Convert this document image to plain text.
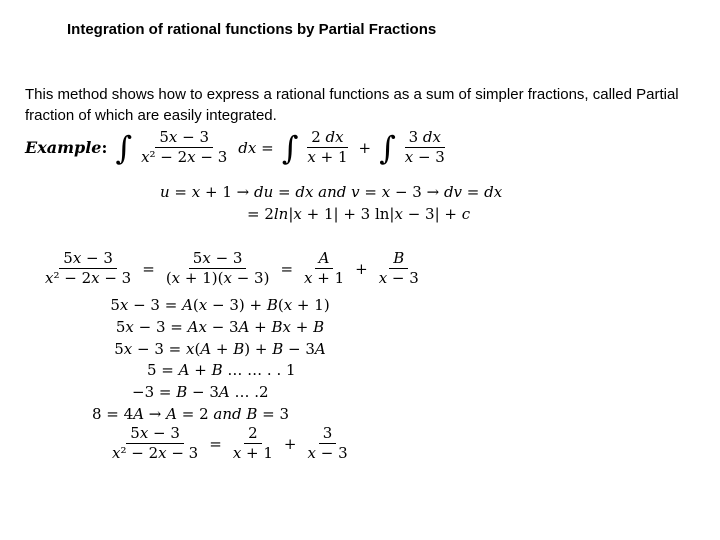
Integration of rational functions by Partial Fractions
This method shows how to express a rational functions as a sum of simpler fractions, called Partial fraction of which are easily integrated.
Example: ∫ $\frac{\text{5𝑥 − 3}}{\text{𝑥² − 2𝑥 − 3}}$ 𝑑𝑥 = ∫ $\frac{\text{2 𝑑𝑥}}{\text{𝑥 + 1}}$ + ∫ $\frac{\text{3 𝑑𝑥}}{\text{𝑥 − 3}}$
𝑢 = 𝑥 + 1 → 𝑑𝑢 = 𝑑𝑥 𝑎𝑛𝑑 𝑣 = 𝑥 − 3 → 𝑑𝑣 = 𝑑𝑥
= 2𝑙𝑛|𝑥 + 1| + 3 ln|𝑥 − 3| + 𝑐
$\frac{\text{5𝑥 − 3}}{\text{𝑥² − 2𝑥 − 3}} = \frac{\text{5𝑥 − 3}}{\text{(𝑥 + 1)(𝑥 − 3)}} = \frac{\text{𝐴}}{\text{𝑥 + 1}} + \frac{\text{𝐵}}{\text{𝑥 − 3}}$
5𝑥 − 3 = 𝐴(𝑥 − 3) + 𝐵(𝑥 + 1)
5𝑥 − 3 = 𝐴𝑥 − 3𝐴 + 𝐵𝑥 + 𝐵
5𝑥 − 3 = 𝑥(𝐴 + 𝐵) + 𝐵 − 3𝐴
5 = 𝐴 + 𝐵 … … . . 1
−3 = 𝐵 − 3𝐴 … .2
8 = 4𝐴 → 𝐴 = 2 𝑎𝑛𝑑 𝐵 = 3
$\frac{\text{5𝑥 − 3}}{\text{𝑥² − 2𝑥 − 3}} = \frac{2}{\text{𝑥 + 1}} + \frac{3}{\text{𝑥 − 3}}$
